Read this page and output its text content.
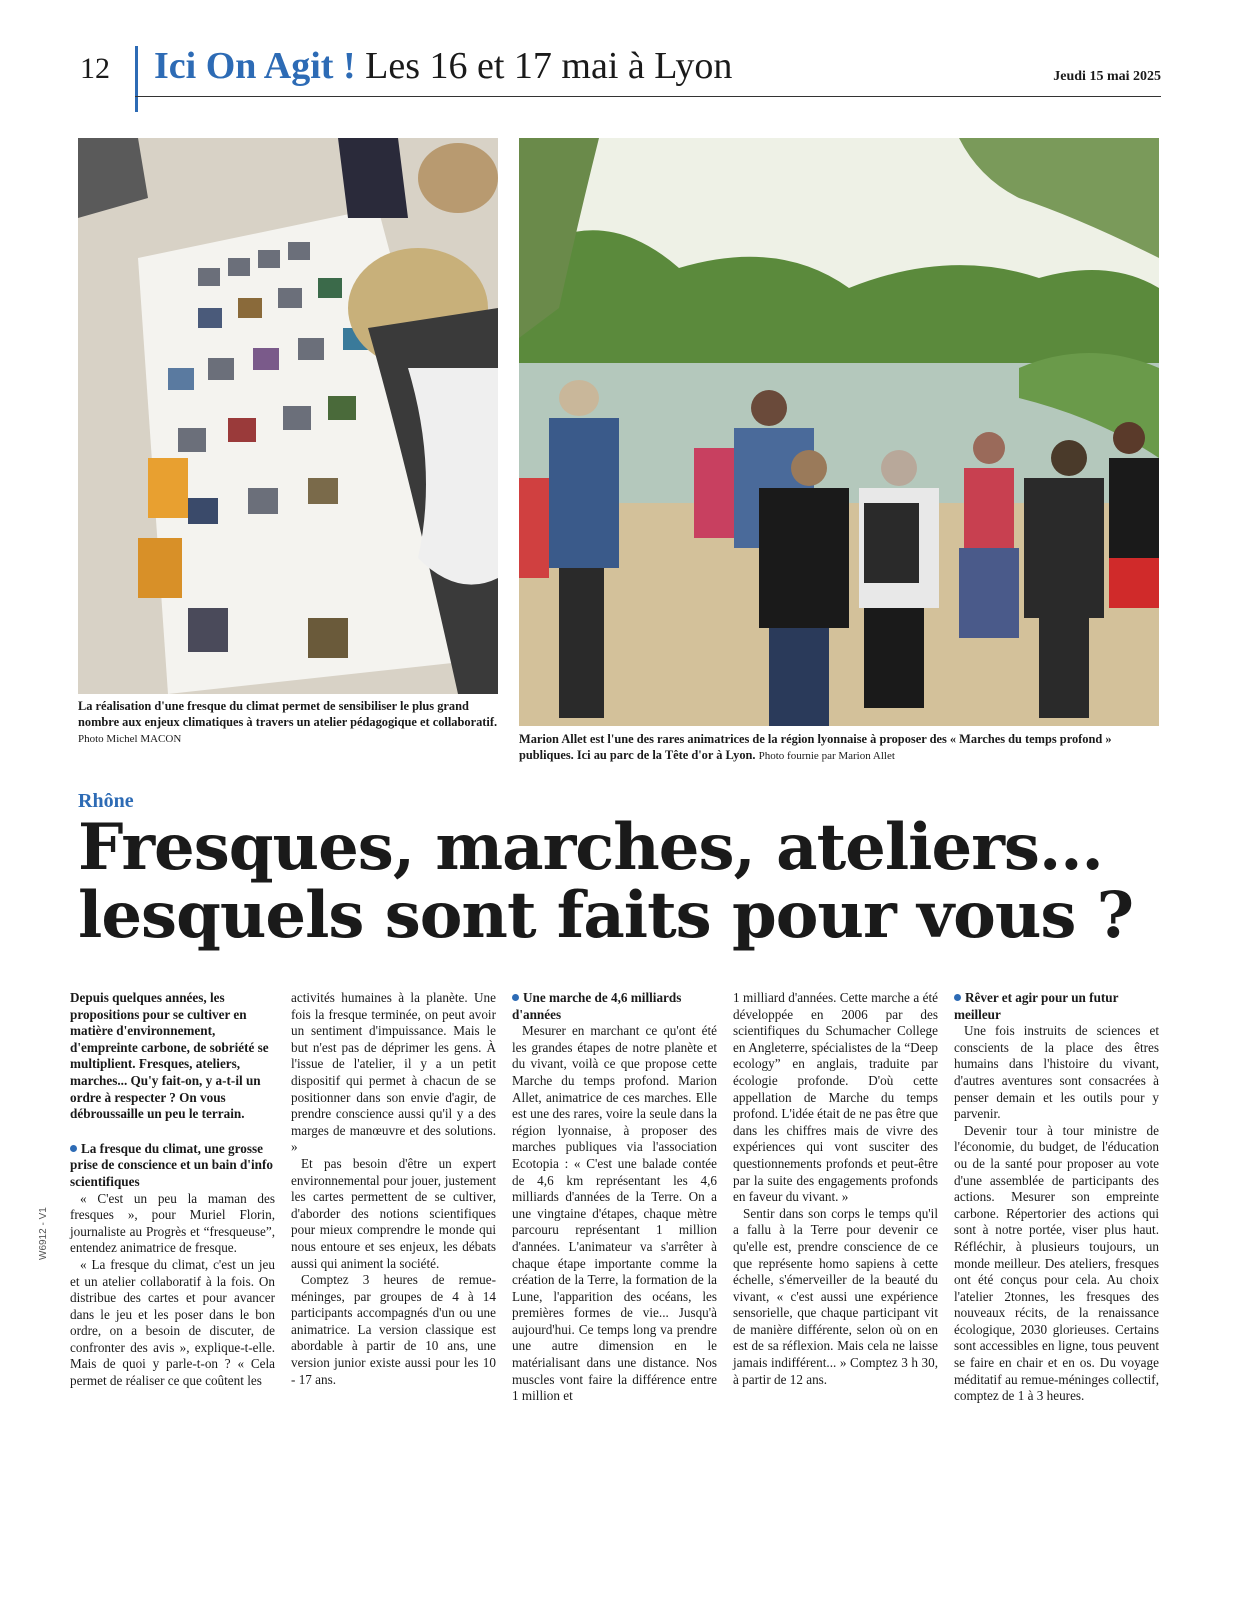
12 Ici On Agit ! Les 16 et 17 mai à Lyon	Jeudi 15 mai 2025
La réalisation d'une fresque du climat permet de sensibiliser le plus grand nombre aux enjeux climatiques à travers un atelier pédagogique et collaboratif. Photo Michel MACON	Marion Allet est l'une des rares animatrices de la région lyonnaise à proposer des « Marches du temps profond » publiques. Ici au parc de la Tête d'or à Lyon. Photo fournie par Marion Allet
Rhône
Fresques, marches, ateliers...
lesquels sont faits pour vous ?

Depuis quelques années, les propositions pour se cultiver en matière d'environnement, d'empreinte carbone, de sobriété se multiplient. Fresques, ateliers, marches... Qu'y fait-on, y a-t-il un ordre à respecter ? On vous débroussaille un peu le terrain.

La fresque du climat, une grosse prise de conscience et un bain d'info scientifiques

« C'est un peu la maman des fresques », pour Muriel Florin, journaliste au Progrès et “fresqueuse”, entendez animatrice de fresque.

« La fresque du climat, c'est un jeu et un atelier collaboratif à la fois. On distribue des cartes et pour avancer dans le jeu et les poser dans le bon ordre, on a besoin de discuter, de confronter des avis », explique-t-elle. Mais de quoi y parle-t-on ? « Cela permet de réaliser ce que coûtent les

activités humaines à la planète. Une fois la fresque terminée, on peut avoir un sentiment d'impuissance. Mais le but n'est pas de déprimer les gens. À l'issue de l'atelier, il y a un petit dispositif qui permet à chacun de se positionner dans son envie d'agir, de prendre conscience aussi qu'il y a des marges de manœuvre et des solutions. »

Et pas besoin d'être un expert environnemental pour jouer, justement les cartes permettent de se cultiver, d'aborder des notions scientifiques pour mieux comprendre le monde qui nous entoure et ses enjeux, les débats aussi qui animent la société.

Comptez 3 heures de remue-méninges, par groupes de 4 à 14 participants accompagnés d'un ou une animatrice. La version classique est abordable à partir de 10 ans, une version junior existe aussi pour les 10 - 17 ans.

Une marche de 4,6 milliards d'années

Mesurer en marchant ce qu'ont été les grandes étapes de notre planète et du vivant, voilà ce que propose cette Marche du temps profond. Marion Allet, animatrice de ces marches. Elle est une des rares, voire la seule dans la région lyonnaise, à proposer des marches publiques via l'association Ecotopia : « C'est une balade contée de 4,6 km représentant les 4,6 milliards d'années de la Terre. On a une vingtaine d'étapes, chaque mètre parcouru représentant 1 million d'années. L'animateur va s'arrêter à chaque étape importante comme la création de la Terre, la formation de la Lune, l'apparition des océans, les premières formes de vie... Jusqu'à aujourd'hui. Ce temps long va prendre une autre dimension en le matérialisant dans une distance. Nos muscles vont faire la différence entre 1 million et

1 milliard d'années. Cette marche a été développée en 2006 par des scientifiques du Schumacher College en Angleterre, spécialistes de la “Deep ecology” en anglais, traduite par écologie profonde. D'où cette appellation de Marche du temps profond. L'idée était de ne pas être que dans les chiffres mais de vivre des expériences qui vont susciter des questionnements profonds et peut-être par la suite des engagements profonds en faveur du vivant. »

Sentir dans son corps le temps qu'il a fallu à la Terre pour devenir ce qu'elle est, prendre conscience de ce que représente homo sapiens à cette échelle, s'émerveiller de la beauté du vivant, « c'est aussi une expérience sensorielle, que chaque participant vit de manière différente, selon où on en est de sa réflexion. Mais cela ne laisse jamais indifférent... » Comptez 3 h 30, à partir de 12 ans.

Rêver et agir pour un futur meilleur

Une fois instruits de sciences et conscients de la place des êtres humains dans l'histoire du vivant, d'autres aventures sont consacrées à penser demain et les outils pour y parvenir.

Devenir tour à tour ministre de l'économie, du budget, de l'éducation ou de la santé pour proposer au vote d'une assemblée de participants des actions. Mesurer son empreinte carbone. Répertorier des actions qui sont à notre portée, viser plus haut. Réfléchir, à plusieurs toujours, un monde meilleur. Des ateliers, fresques ont été conçus pour cela. Au choix l'atelier 2tonnes, les fresques des nouveaux récits, de la renaissance écologique, 2030 glorieuses. Certains sont accessibles en ligne, tous peuvent se faire en chair et en os. Du voyage méditatif au remue-méninges collectif, comptez de 1 à 3 heures.

W6912 - V1
